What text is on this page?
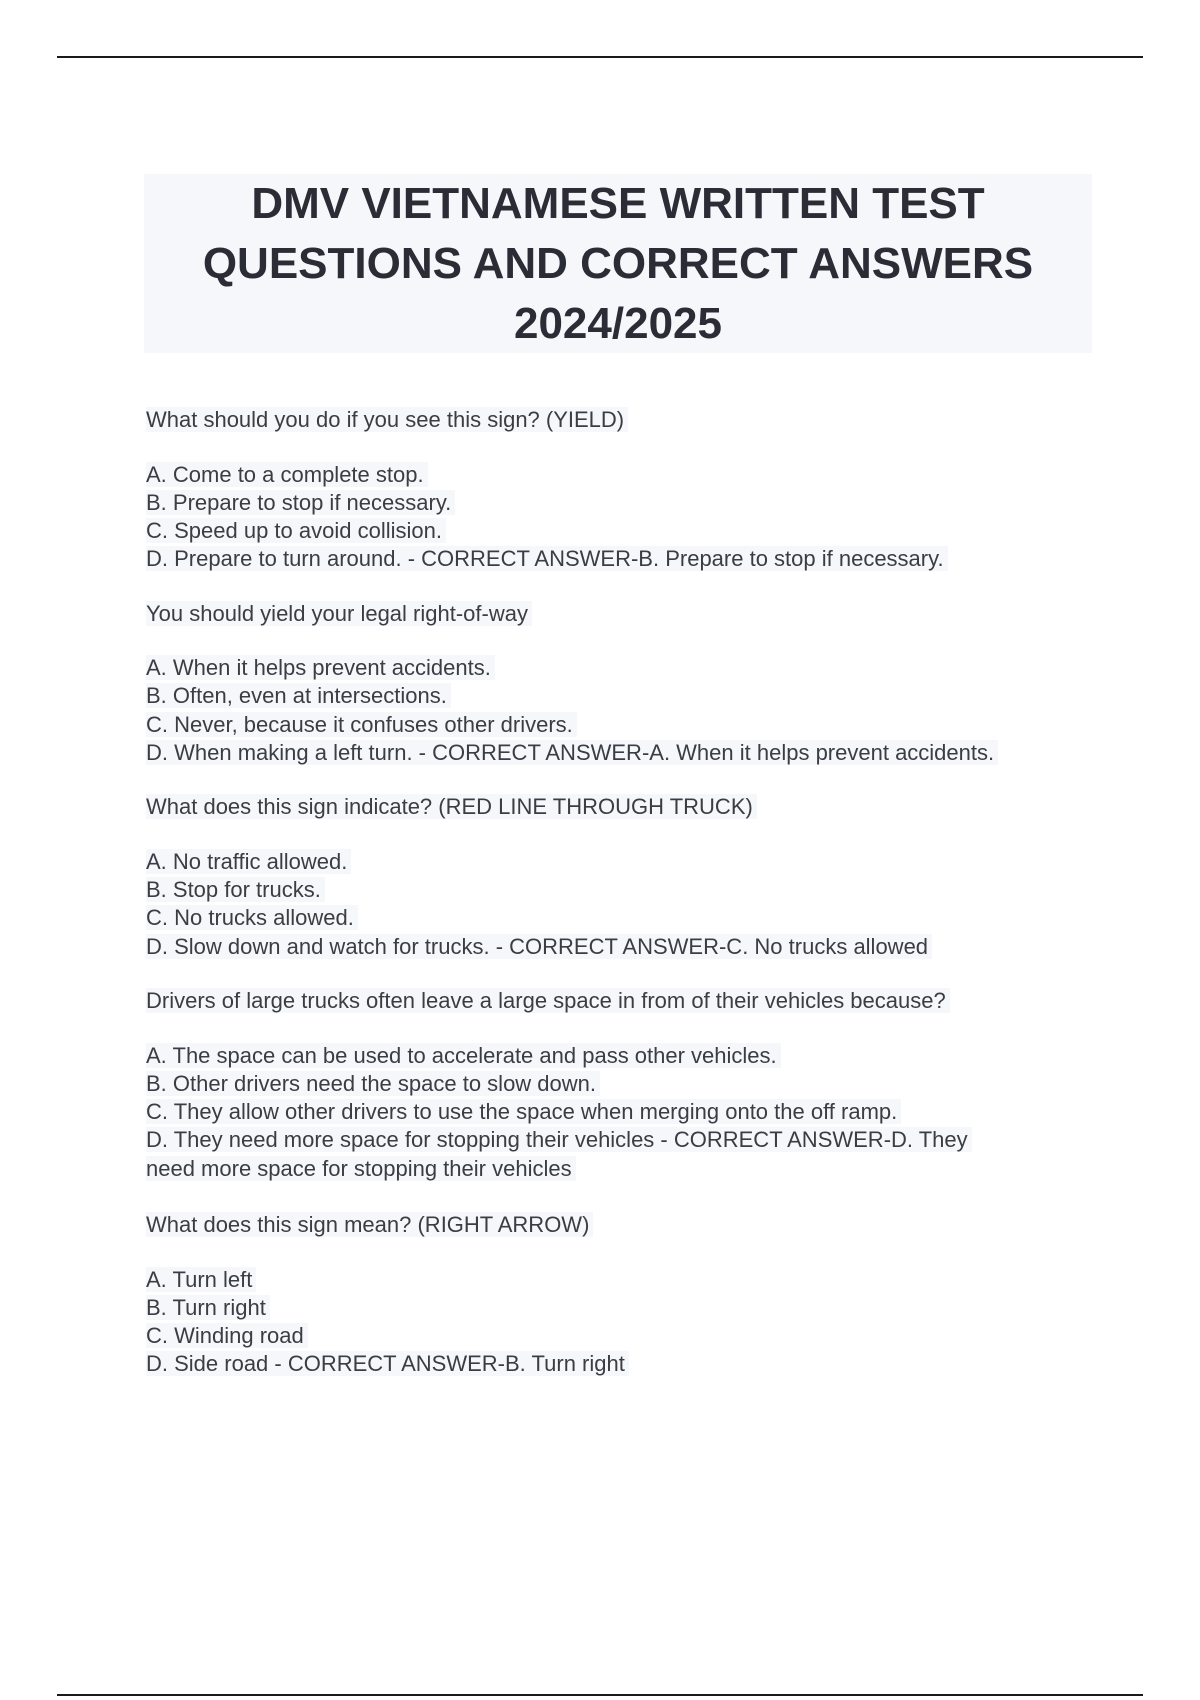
DMV VIETNAMESE WRITTEN TEST
QUESTIONS AND CORRECT ANSWERS
2024/2025
What should you do if you see this sign? (YIELD)
A. Come to a complete stop.
B. Prepare to stop if necessary.
C. Speed up to avoid collision.
D. Prepare to turn around. - CORRECT ANSWER-B. Prepare to stop if necessary.
You should yield your legal right-of-way
A. When it helps prevent accidents.
B. Often, even at intersections.
C. Never, because it confuses other drivers.
D. When making a left turn. - CORRECT ANSWER-A. When it helps prevent accidents.
What does this sign indicate? (RED LINE THROUGH TRUCK)
A. No traffic allowed.
B. Stop for trucks.
C. No trucks allowed.
D. Slow down and watch for trucks. - CORRECT ANSWER-C. No trucks allowed
Drivers of large trucks often leave a large space in from of their vehicles because?
A. The space can be used to accelerate and pass other vehicles.
B. Other drivers need the space to slow down.
C. They allow other drivers to use the space when merging onto the off ramp.
D. They need more space for stopping their vehicles - CORRECT ANSWER-D. They
need more space for stopping their vehicles
What does this sign mean? (RIGHT ARROW)
A. Turn left
B. Turn right
C. Winding road
D. Side road - CORRECT ANSWER-B. Turn right
